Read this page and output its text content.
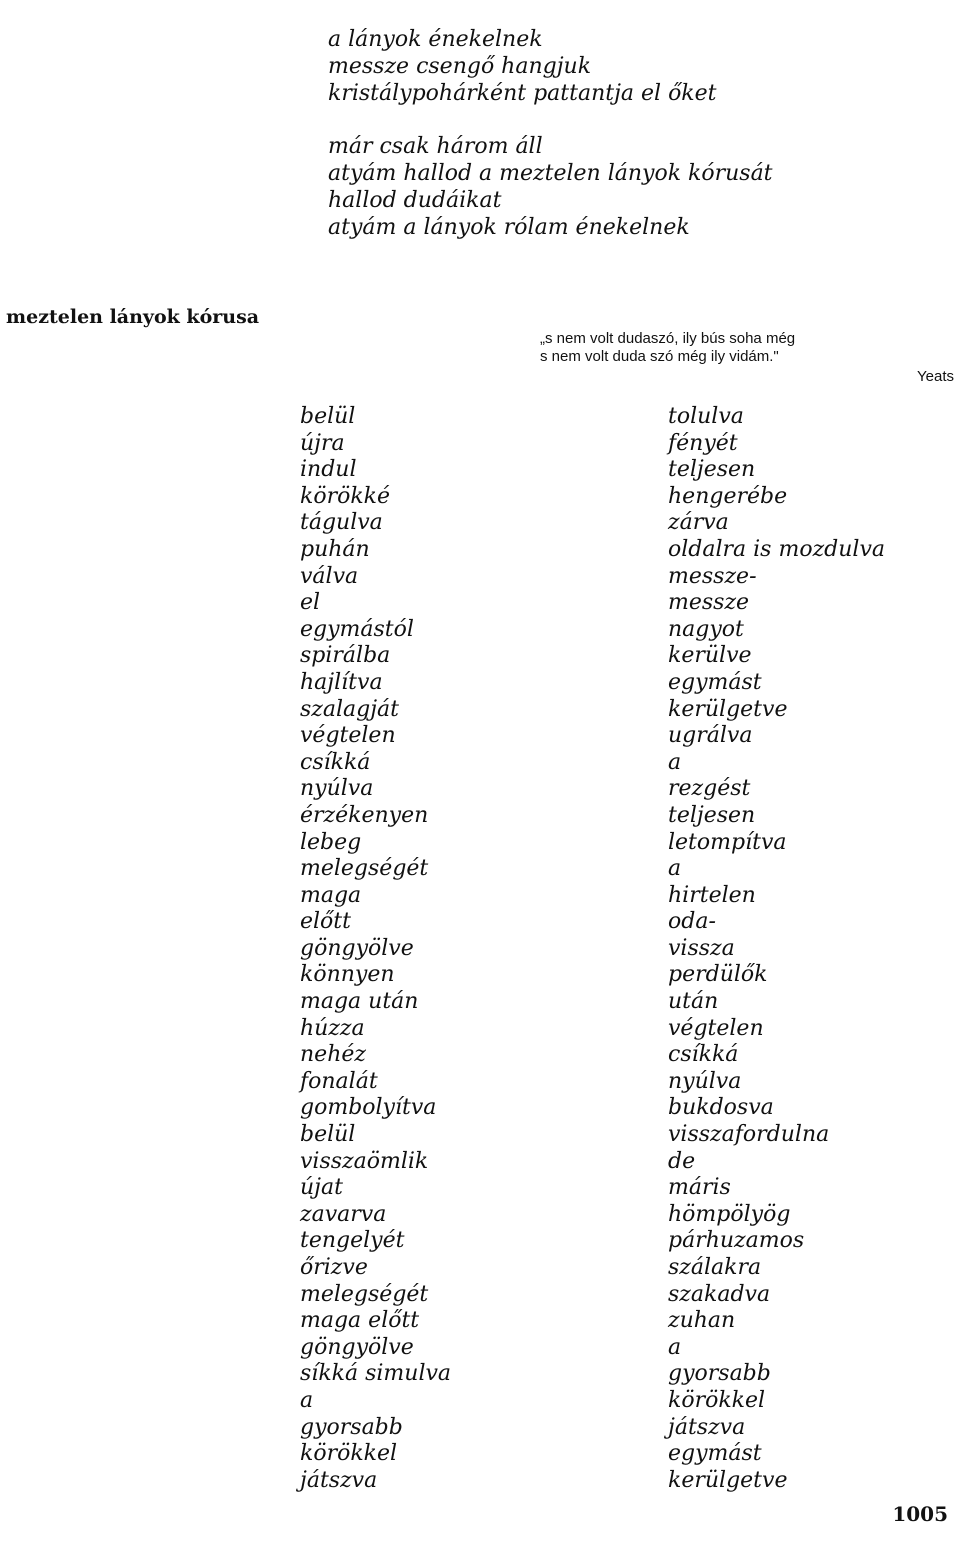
a lányok énekelnek
messze csengő hangjuk
kristálypohárként pattantja el őket
már csak három áll
atyám hallod a meztelen lányok kórusát
hallod dudáikat
atyám a lányok rólam énekelnek
meztelen lányok kórusa
„s nem volt dudaszó, ily bús soha még
s nem volt duda szó még ily vidám."
Yeats
belül
újra
indul
körökké
tágulva
puhán
válva
el
egymástól
spirálba
hajlítva
szalagját
végtelen
csíkká
nyúlva
érzékenyen
lebeg
melegségét
maga
előtt
göngyölve
könnyen
maga után
húzza
nehéz
fonalát
gombolyítva
belül
visszaömlik
újat
zavarva
tengelyét
őrizve
melegségét
maga előtt
göngyölve
síkká simulva
a
gyorsabb
körökkel
játszva
tolulva
fényét
teljesen
hengerébe
zárva
oldalra is mozdulva
messze-
messze
nagyot
kerülve
egymást
kerülgetve
ugrálva
a
rezgést
teljesen
letompítva
a
hirtelen
oda-
vissza
perdülők
után
végtelen
csíkká
nyúlva
bukdosva
visszafordulna
de
máris
hömpölyög
párhuzamos
szálakra
szakadva
zuhan
a
gyorsabb
körökkel
játszva
egymást
kerülgetve
1005
